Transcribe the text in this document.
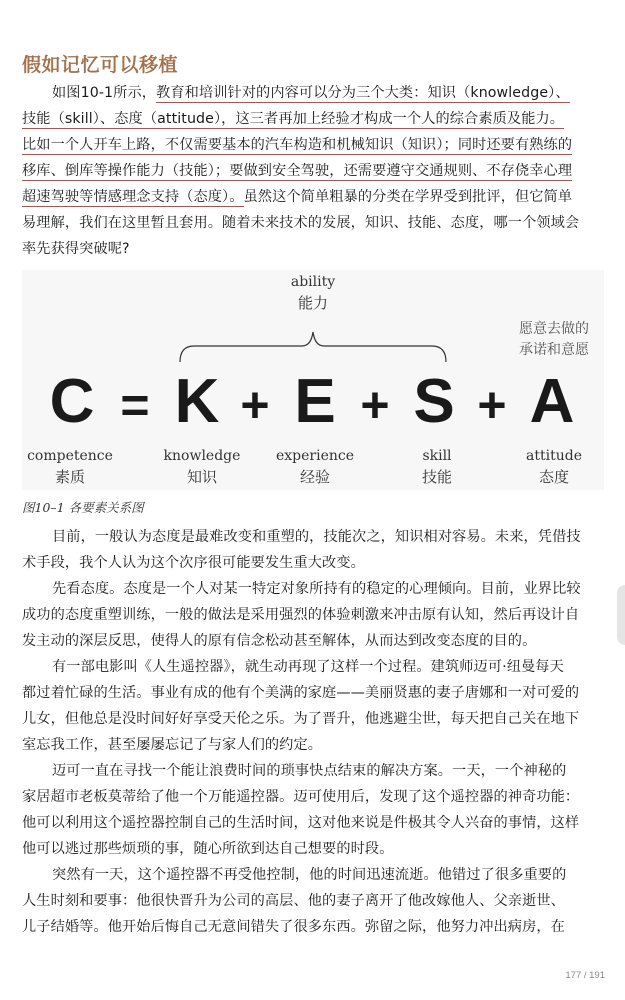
假如记忆可以移植
如图10-1所示，教育和培训针对的内容可以分为三个大类：知识（knowledge）、
技能（skill）、态度（attitude），这三者再加上经验才构成一个人的综合素质及能力。
比如一个人开车上路，不仅需要基本的汽车构造和机械知识（知识）；同时还要有熟练的
移库、倒库等操作能力（技能）；要做到安全驾驶，还需要遵守交通规则、不存侥幸心理
超速驾驶等情感理念支持（态度）。虽然这个简单粗暴的分类在学界受到批评，但它简单
易理解，我们在这里暂且套用。随着未来技术的发展，知识、技能、态度，哪一个领域会
率先获得突破呢?
ability
能力
愿意去做的
承诺和意愿
C = K + E + S + A
competence
素质
knowledge
知识
experience
经验
skill
技能
attitude
态度
图10–1 各要素关系图
目前，一般认为态度是最难改变和重塑的，技能次之，知识相对容易。未来，凭借技
术手段，我个人认为这个次序很可能要发生重大改变。
先看态度。态度是一个人对某一特定对象所持有的稳定的心理倾向。目前，业界比较
成功的态度重塑训练，一般的做法是采用强烈的体验刺激来冲击原有认知，然后再设计自
发主动的深层反思，使得人的原有信念松动甚至解体，从而达到改变态度的目的。
有一部电影叫《人生遥控器》，就生动再现了这样一个过程。建筑师迈可·纽曼每天
都过着忙碌的生活。事业有成的他有个美满的家庭——美丽贤惠的妻子唐娜和一对可爱的
儿女，但他总是没时间好好享受天伦之乐。为了晋升，他逃避尘世，每天把自己关在地下
室忘我工作，甚至屡屡忘记了与家人们的约定。
迈可一直在寻找一个能让浪费时间的琐事快点结束的解决方案。一天，一个神秘的
家居超市老板莫蒂给了他一个万能遥控器。迈可使用后，发现了这个遥控器的神奇功能：
他可以利用这个遥控器控制自己的生活时间，这对他来说是件极其令人兴奋的事情，这样
他可以逃过那些烦琐的事，随心所欲到达自己想要的时段。
突然有一天，这个遥控器不再受他控制，他的时间迅速流逝。他错过了很多重要的
人生时刻和要事：他很快晋升为公司的高层、他的妻子离开了他改嫁他人、父亲逝世、
儿子结婚等。他开始后悔自己无意间错失了很多东西。弥留之际，他努力冲出病房，在
177 / 191
